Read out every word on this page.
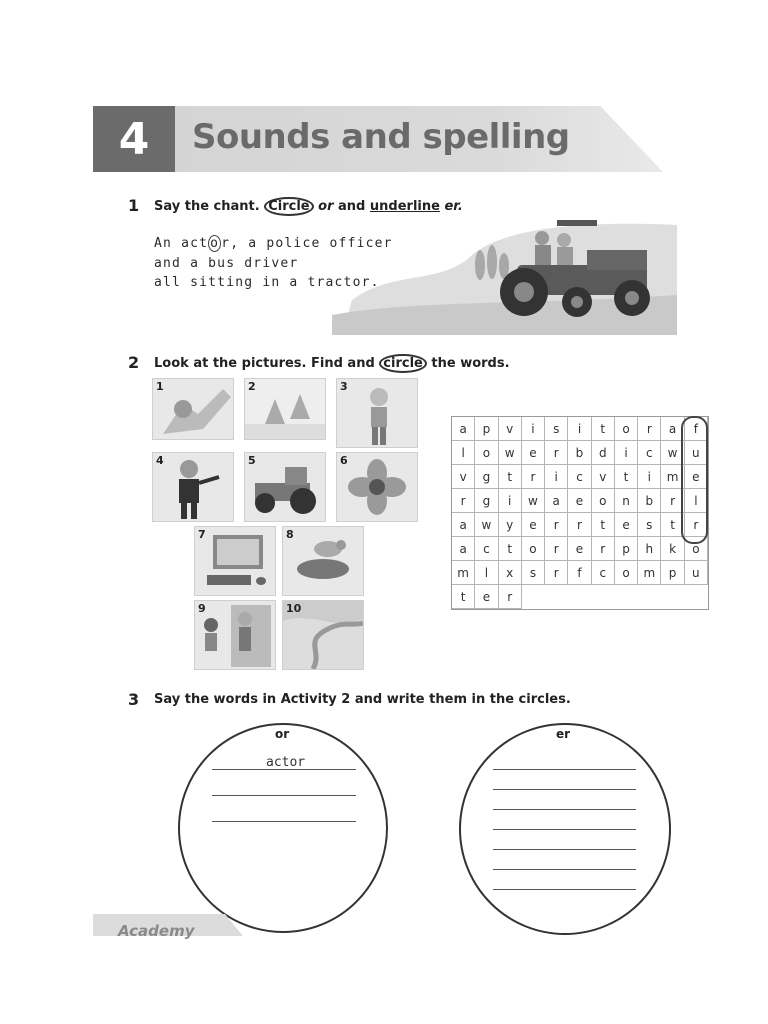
4	Sounds and spelling
1 Say the chant. Circle or and underline er.
An act o r, a police officer
and a bus driver
all sitting in a tractor.
2 Look at the pictures. Find and circle the words.
1	2	3
4	5	6
7	8
9	10
a	p	v	i	s	i	t	o	r	a	f
l	o	w	e	r	b	d	i	c	w	u
v	g	t	r	i	c	v	t	i	m	e
r	g	i	w	a	e	o	n	b	r	l
a	w	y	e	r	r	t	e	s	t	r
a	c	t	o	r	e	r	p	h	k	o
m	l	x	s	r	f	c	o	m	p	u
t	e	r
3 Say the words in Activity 2 and write them in the circles.
or
actor
er
Academy
